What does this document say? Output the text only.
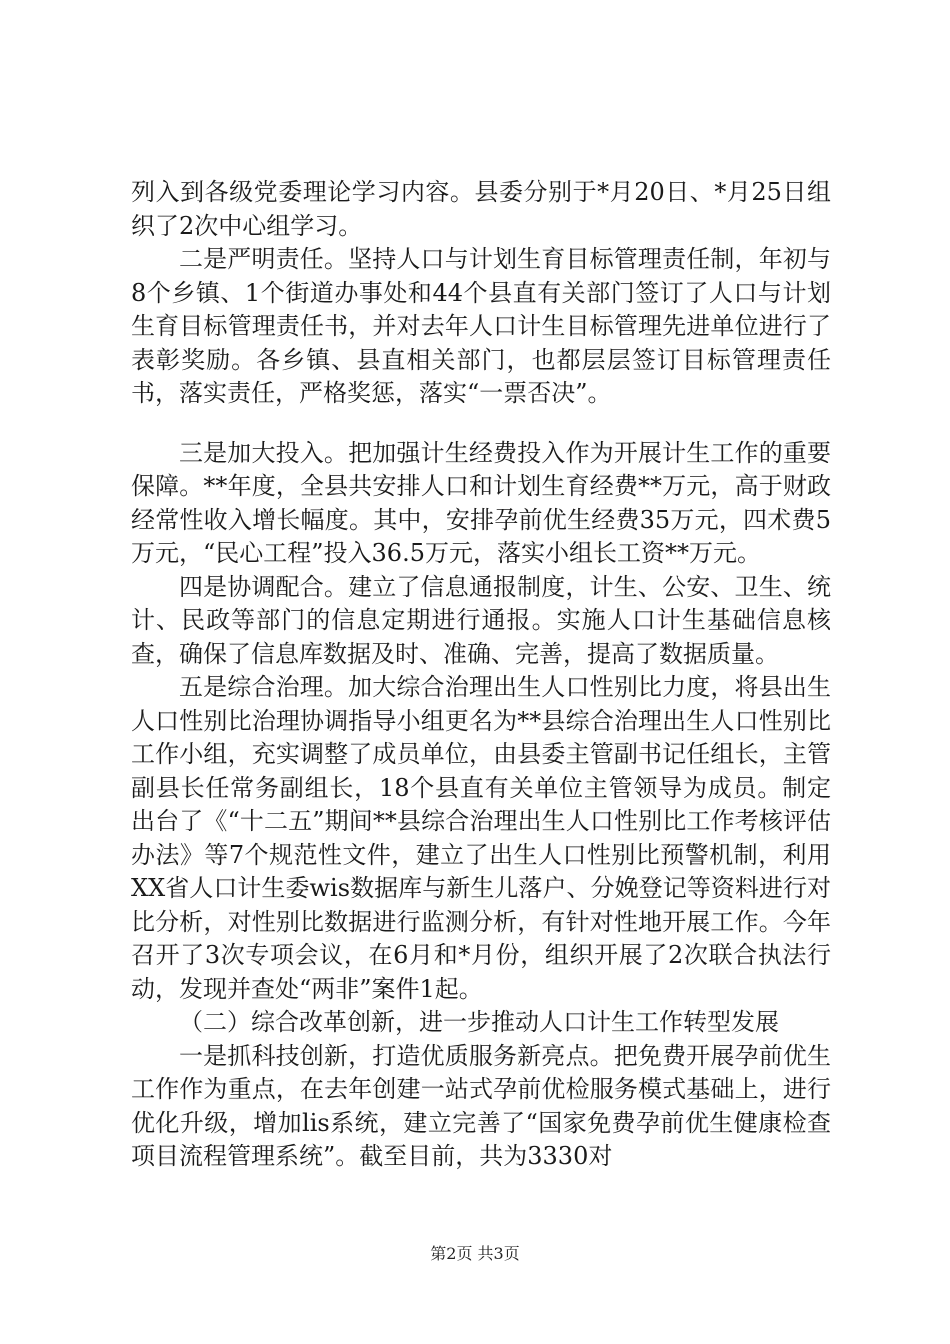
列入到各级党委理论学习内容。县委分别于*月20日、*月25日组织了2次中心组学习。

二是严明责任。坚持人口与计划生育目标管理责任制，年初与8个乡镇、1个街道办事处和44个县直有关部门签订了人口与计划生育目标管理责任书，并对去年人口计生目标管理先进单位进行了表彰奖励。各乡镇、县直相关部门，也都层层签订目标管理责任书，落实责任，严格奖惩，落实“一票否决”。

三是加大投入。把加强计生经费投入作为开展计生工作的重要保障。**年度，全县共安排人口和计划生育经费**万元，高于财政经常性收入增长幅度。其中，安排孕前优生经费35万元，四术费5万元，“民心工程”投入36.5万元，落实小组长工资**万元。

四是协调配合。建立了信息通报制度，计生、公安、卫生、统计、民政等部门的信息定期进行通报。实施人口计生基础信息核查，确保了信息库数据及时、准确、完善，提高了数据质量。

五是综合治理。加大综合治理出生人口性别比力度，将县出生人口性别比治理协调指导小组更名为**县综合治理出生人口性别比工作小组，充实调整了成员单位，由县委主管副书记任组长，主管副县长任常务副组长，18个县直有关单位主管领导为成员。制定出台了《“十二五”期间**县综合治理出生人口性别比工作考核评估办法》等7个规范性文件，建立了出生人口性别比预警机制，利用XX省人口计生委wis数据库与新生儿落户、分娩登记等资料进行对比分析，对性别比数据进行监测分析，有针对性地开展工作。今年召开了3次专项会议，在6月和*月份，组织开展了2次联合执法行动，发现并查处“两非”案件1起。

（二）综合改革创新，进一步推动人口计生工作转型发展

一是抓科技创新，打造优质服务新亮点。把免费开展孕前优生工作作为重点，在去年创建一站式孕前优检服务模式基础上，进行优化升级，增加lis系统，建立完善了“国家免费孕前优生健康检查项目流程管理系统”。截至目前，共为3330对

第2页 共3页
